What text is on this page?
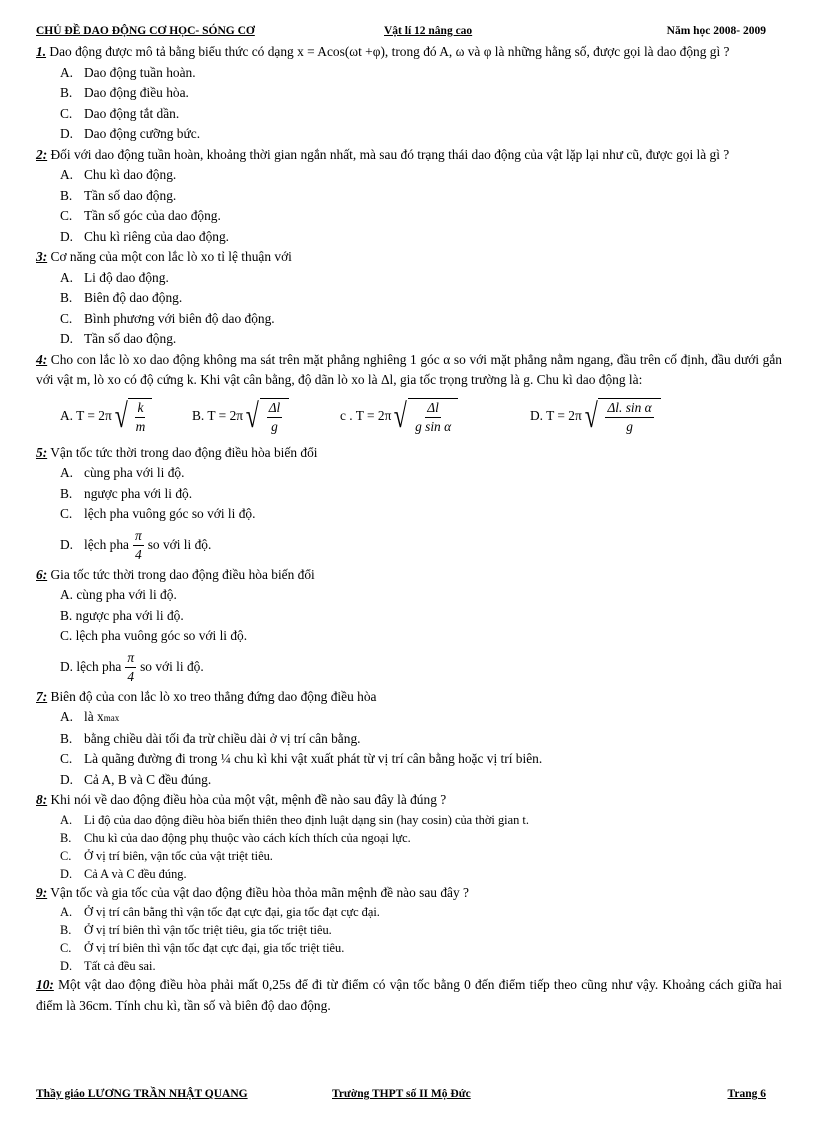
CHỦ ĐỀ DAO ĐỘNG CƠ HỌC- SÓNG CƠ	Vật lí 12 nâng cao	Năm học 2008- 2009

1. Dao động được mô tả bằng biểu thức có dạng x = Acos(ωt +φ), trong đó A, ω và φ là những hằng số, được gọi là dao động gì ?

A. Dao động tuần hoàn.
B. Dao động điều hòa.
C. Dao động tắt dần.
D. Dao động cưỡng bức.

2: Đối với dao động tuần hoàn, khoảng thời gian ngắn nhất, mà sau đó trạng thái dao động của vật lặp lại như cũ, được gọi là gì ?

A. Chu kì dao động.
B. Tần số dao động.
C. Tần số góc của dao động.
D. Chu kì riêng của dao động.

3: Cơ năng của một con lắc lò xo tỉ lệ thuận với

A. Li độ dao động.
B. Biên độ dao động.
C. Bình phương với biên độ dao động.
D. Tần số dao động.

4: Cho con lắc lò xo dao động không ma sát trên mặt phẳng nghiêng 1 góc α so với mặt phẳng nằm ngang, đầu trên cố định, đầu dưới gắn với vật m, lò xo có độ cứng k. Khi vật cân bằng, độ dãn lò xo là Δl, gia tốc trọng trường là g. Chu kì dao động là:

A. T = 2π √ $\frac{k}{m}$	B. T = 2π √ $\frac{\Delta l}{g}$	c . T = 2π √ $\frac{\Delta l}{\text{g sin α}}$	D. T = 2π √ $\frac{\text{Δl. sin α}}{g}$

5: Vận tốc tức thời trong dao động điều hòa biến đổi

A. cùng pha với li độ.
B. ngược pha với li độ.
C. lệch pha vuông góc so với li độ.
D. lệch pha $\frac{\pi}{4}$ so với li độ.

6: Gia tốc tức thời trong dao động điều hòa biến đổi

A. cùng pha với li độ.
B. ngược pha với li độ.
C. lệch pha vuông góc so với li độ.
D. lệch pha $\frac{\pi}{4}$ so với li độ.

7: Biên độ của con lắc lò xo treo thẳng đứng dao động điều hòa

A. là xmax
B. bằng chiều dài tối đa trừ chiều dài ở vị trí cân bằng.
C. Là quãng đường đi trong ¼ chu kì khi vật xuất phát từ vị trí cân bằng hoặc vị trí biên.
D. Cả A, B và C đều đúng.

8: Khi nói về dao động điều hòa của một vật, mệnh đề nào sau đây là đúng ?

A. Li độ của dao động điều hòa biến thiên theo định luật dạng sin (hay cosin) của thời gian t.
B. Chu kì của dao động phụ thuộc vào cách kích thích của ngoại lực.
C. Ở vị trí biên, vận tốc của vật triệt tiêu.
D. Cả A và C đều đúng.

9: Vận tốc và gia tốc của vật dao động điều hòa thỏa mãn mệnh đề nào sau đây ?

A. Ở vị trí cân bằng thì vận tốc đạt cực đại, gia tốc đạt cực đại.
B. Ở vị trí biên thì vận tốc triệt tiêu, gia tốc triệt tiêu.
C. Ở vị trí biên thì vận tốc đạt cực đại, gia tốc triệt tiêu.
D. Tất cả đều sai.

10: Một vật dao động điều hòa phải mất 0,25s để đi từ điểm có vận tốc bằng 0 đến điểm tiếp theo cũng như vậy. Khoảng cách giữa hai điểm là 36cm. Tính chu kì, tần số và biên độ dao động.

Thầy giáo LƯƠNG TRẦN NHẬT QUANG	Trường THPT số II Mộ Đức	Trang 6
